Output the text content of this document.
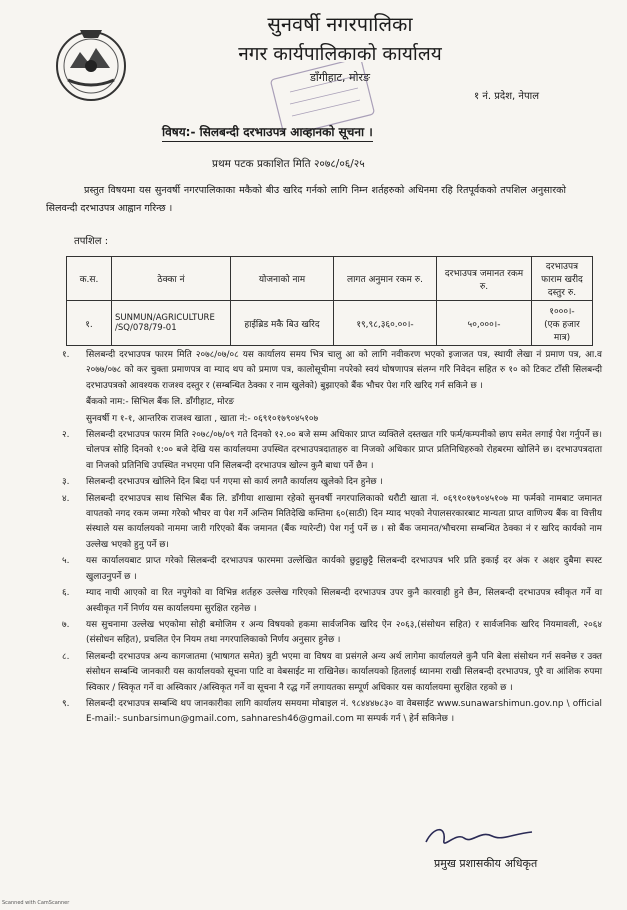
सुनवर्षी नगरपालिका
नगर कार्यपालिकाको कार्यालय
डाँगीहाट, मोरङ
१ नं. प्रदेश, नेपाल
विषय:- सिलबन्दी दरभाउपत्र आव्हानको सूचना ।
प्रथम पटक प्रकाशित मिति २०७८/०६/२५
प्रस्तुत विषयमा यस सुनवर्षी नगरपालिकाका मकैको बीउ खरिद गर्नको लागि निम्न शर्तहरुको अधिनमा रहि रितपूर्वकको तपशिल अनुसारको सिलवन्दी दरभाउपत्र आह्वान गरिन्छ ।
तपशिल :
क.स.	ठेक्का नं	योजनाको नाम	लागत अनुमान रकम रु.	दरभाउपत्र जमानत रकम रु.	दरभाउपत्र फाराम खरीद दस्तुर रु.
१.	SUNMUN/AGRICULTURE /SQ/078/79-01	हाईब्रिड मकै बिउ खरिद	१९,९८,३६०.००।-	५०,०००।-	१०००।-
(एक हजार मात्र)
१. सिलबन्दी दरभाउपत्र फारम मिति २०७८/०७/०८ यस कार्यालय समय भित्र चालु आ को लागि नवीकरण भएको इजाजत पत्र, स्थायी लेखा नं प्रमाण पत्र, आ.व २०७७/०७८ को कर चुक्ता प्रमाणपत्र वा म्याद थप को प्रमाण पत्र, कालोसूचीमा नपरेको स्वयं घोषणापत्र संलग्न गरि निवेदन सहित रु १० को टिकट टाँसी सिलबन्दी दरभाउपत्रको आवश्यक राजश्व दस्तुर र (सम्बन्धित ठेक्का र नाम खुलेको) बुझाएको बैंक भौचर पेश गरि खरिद गर्न सकिने छ ।
बैंकको नाम:- सिभिल बैंक लि. डाँगीहाट, मोरङ
सुनवर्षी ग १-१, आन्तरिक राजश्व खाता , खाता नं:- ०६९१०१७९०४५१०७
२. सिलबन्दी दरभाउपत्र फारम मिति २०७८/०७/०९ गते दिनको १२.०० बजे सम्म अधिकार प्राप्त व्यक्तिले दस्तखत गरि फर्म/कम्पनीको छाप समेत लगाई पेश गर्नुपर्ने छ।चोलपत्र सोहि दिनको १:०० बजे देखि यस कार्यालयमा उपस्थित दरभाउपत्रदाताहरु वा निजको अधिकार प्राप्त प्रतिनिधिहरुको रोहबरमा खोलिने छ। दरभाउपत्रदाता वा निजको प्रतिनिधि उपस्थित नभएमा पनि सिलबन्दी दरभाउपत्र खोल्न कुनै बाधा पर्ने छैन ।
३. सिलबन्दी दरभाउपत्र खोलिने दिन बिदा पर्न गएमा सो कार्य लगतै कार्यालय खुलेको दिन हुनेछ ।
४. सिलबन्दी दरभाउपत्र साथ सिभिल बैंक लि. डाँगीया शाखामा रहेको सुनवर्षी नगरपालिकाको धरौटी खाता नं. ०६९१०१७९०४५१०७ मा फर्मको नामबाट जमानत वापतको नगद रकम जम्मा गरेको भौचर वा पेश गर्ने अन्तिम मितिदेखि कम्तिमा ६०(साठी) दिन म्याद भएको नेपालसरकारबाट मान्यता प्राप्त वाणिज्य बैंक वा वित्तीय संस्थाले यस कार्यालयको नाममा जारी गरिएको बैंक जमानत (बैंक ग्यारेन्टी) पेश गर्नु पर्ने छ । सो बैंक जमानत/भौचरमा सम्बन्धित ठेक्का नं र खरिद कार्यको नाम उल्लेख भएको हुनु पर्ने छ।
५. यस कार्यालयबाट प्राप्त गरेको सिलबन्दी दरभाउपत्र फारममा उल्लेखित कार्यको छुट्टाछुट्टै सिलबन्दी दरभाउपत्र भरि प्रति इकाई दर अंक र अक्षर दुबैमा स्पस्ट खुलाउनुपर्ने छ ।
६. म्याद नाघी आएको वा रित नपुगेको वा विभिन्न शर्तहरु उल्लेख गरिएको सिलबन्दी दरभाउपत्र उपर कुनै कारवाही हुने छैन, सिलबन्दी दरभाउपत्र स्वीकृत गर्ने वा अस्वीकृत गर्ने निर्णय यस कार्यालयमा सुरक्षित रहनेछ ।
७. यस सुचनामा उल्लेख भएकोमा सोही बमोजिम र अन्य विषयको हकमा सार्वजनिक खरिद ऐन २०६३,(संसोधन सहित) र सार्वजनिक खरिद नियमावली, २०६४ (संसोधन सहित), प्रचलित ऐन नियम तथा नगरपालिकाको निर्णय अनुसार हुनेछ ।
८. सिलबन्दी दरभाउपत्र अन्य कागजातमा (भाषागत समेत) त्रुटी भएमा वा विषय वा प्रसंगले अन्य अर्थ लागेमा कार्यालयले कुनै पनि बेला संसोधन गर्न सक्नेछ र उक्त संसोधन सम्बन्धि जानकारी यस कार्यालयको सूचना पाटि वा वेबसाईट मा राखिनेछ। कार्यालयको हितलाई ध्यानमा राखी सिलबन्दी दरभाउपत्र, पुरै वा आंशिक रुपमा स्विकार / स्विकृत गर्ने वा अस्विकार /अस्विकृत गर्ने वा सूचना नै रद्ध गर्ने लगायतका सम्पूर्ण अधिकार यस कार्यालयमा सुरक्षित रहको छ ।
९. सिलबन्दी दरभाउपत्र सम्बन्धि थप जानकारीका लागि कार्यालय समयमा मोबाइल नं. ९८४४४७८३० वा वेबसाईट www.sunawarshimun.gov.np \ official E-mail:- sunbarsimun@gmail.com, sahnaresh46@gmail.com मा सम्पर्क गर्न \ हेर्न सकिनेछ ।
प्रमुख प्रशासकीय अधिकृत
Scanned with CamScanner
